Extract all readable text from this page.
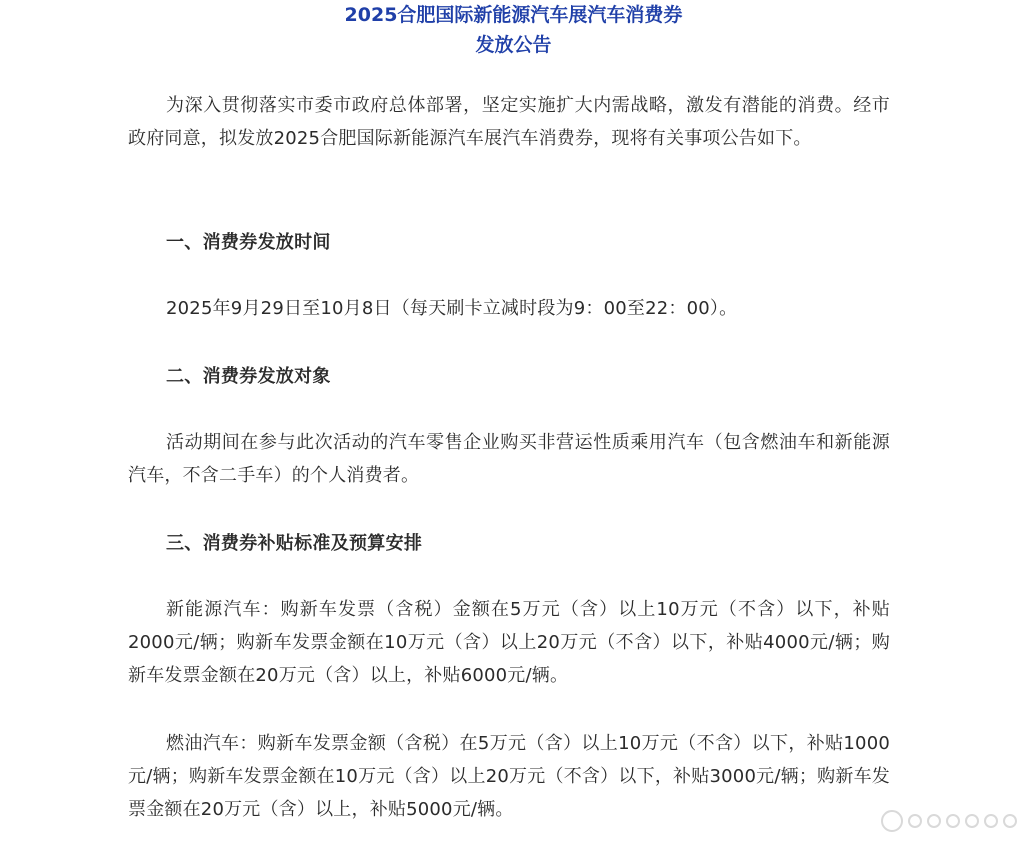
2025合肥国际新能源汽车展汽车消费券
发放公告

为深入贯彻落实市委市政府总体部署，坚定实施扩大内需战略，激发有潜能的消费。经市政府同意，拟发放2025合肥国际新能源汽车展汽车消费券，现将有关事项公告如下。

一、消费券发放时间

2025年9月29日至10月8日（每天刷卡立减时段为9：00至22：00）。

二、消费券发放对象

活动期间在参与此次活动的汽车零售企业购买非营运性质乘用汽车（包含燃油车和新能源汽车，不含二手车）的个人消费者。

三、消费券补贴标准及预算安排

新能源汽车：购新车发票（含税）金额在5万元（含）以上10万元（不含）以下，补贴2000元/辆；购新车发票金额在10万元（含）以上20万元（不含）以下，补贴4000元/辆；购新车发票金额在20万元（含）以上，补贴6000元/辆。

燃油汽车：购新车发票金额（含税）在5万元（含）以上10万元（不含）以下，补贴1000元/辆；购新车发票金额在10万元（含）以上20万元（不含）以下，补贴3000元/辆；购新车发票金额在20万元（含）以上，补贴5000元/辆。
